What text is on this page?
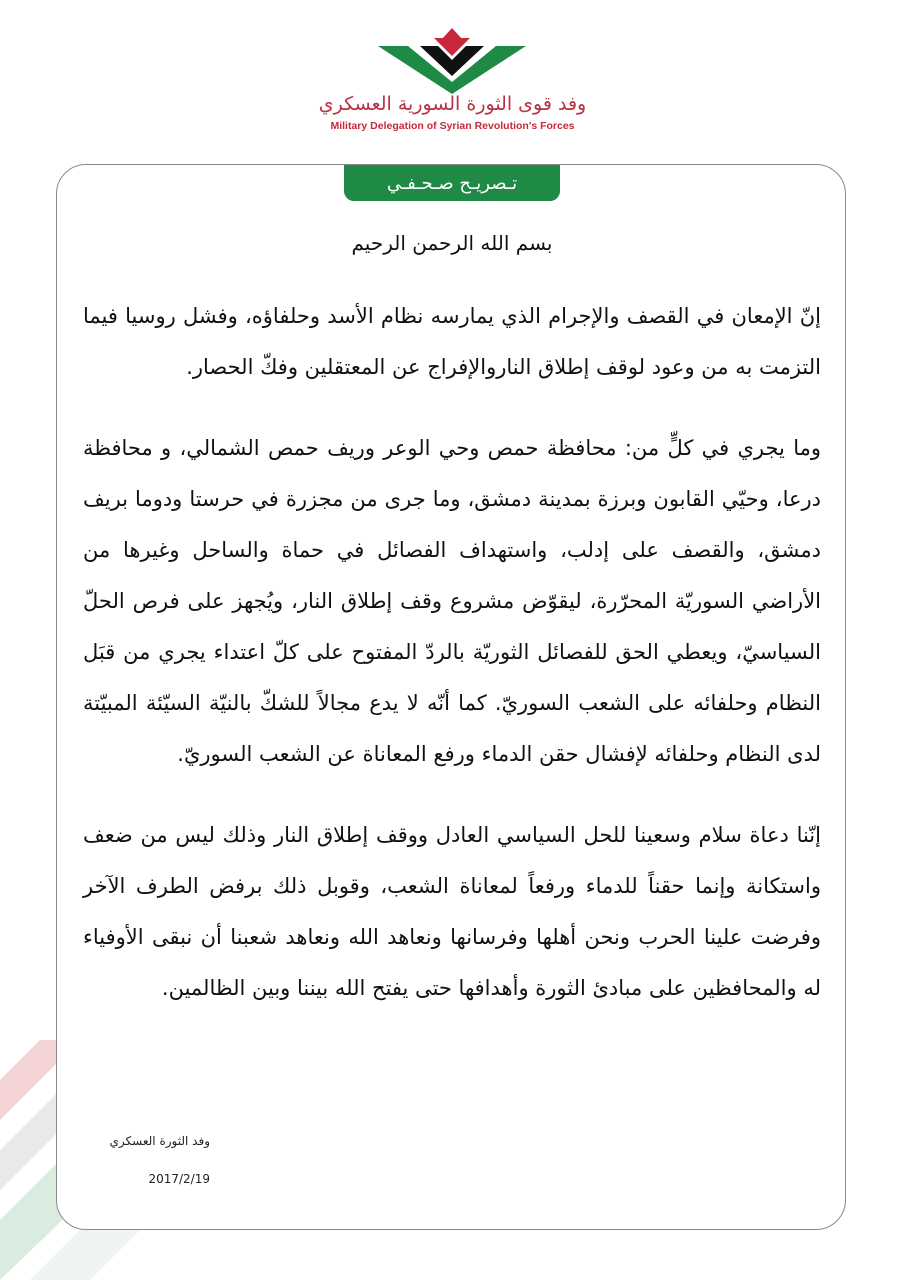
وفد قوى الثورة السورية العسكري
Military Delegation of Syrian Revolution's Forces
تـصريـح صـحـفـي
بسم الله الرحمن الرحيم

إنّ الإمعان في القصف والإجرام الذي يمارسه نظام الأسد وحلفاؤه، وفشل روسيا فيما التزمت به من وعود لوقف إطلاق الناروالإفراج عن المعتقلين وفكّ الحصار.

وما يجري في كلٍّ من: محافظة حمص وحي الوعر وريف حمص الشمالي، و محافظة درعا، وحيّي القابون وبرزة بمدينة دمشق، وما جرى من مجزرة في حرستا ودوما بريف دمشق، والقصف على إدلب، واستهداف الفصائل في حماة والساحل وغيرها من الأراضي السوريّة المحرّرة، ليقوّض مشروع وقف إطلاق النار، ويُجهز على فرص الحلّ السياسيّ، ويعطي الحق للفصائل الثوريّة بالردّ المفتوح على كلّ اعتداء يجري من قبَل النظام وحلفائه على الشعب السوريّ. كما أنّه لا يدع مجالاً للشكّ بالنيّة السيّئة المبيّتة لدى النظام وحلفائه لإفشال حقن الدماء ورفع المعاناة عن الشعب السوريّ.

إنّنا دعاة سلام وسعينا للحل السياسي العادل ووقف إطلاق النار وذلك ليس من ضعف واستكانة وإنما حقناً للدماء ورفعاً لمعاناة الشعب، وقوبل ذلك برفض الطرف الآخر وفرضت علينا الحرب ونحن أهلها وفرسانها ونعاهد الله ونعاهد شعبنا أن نبقى الأوفياء له والمحافظين على مبادئ الثورة وأهدافها حتى يفتح الله بيننا وبين الظالمين.

وفد الثورة العسكري
2017/2/19
